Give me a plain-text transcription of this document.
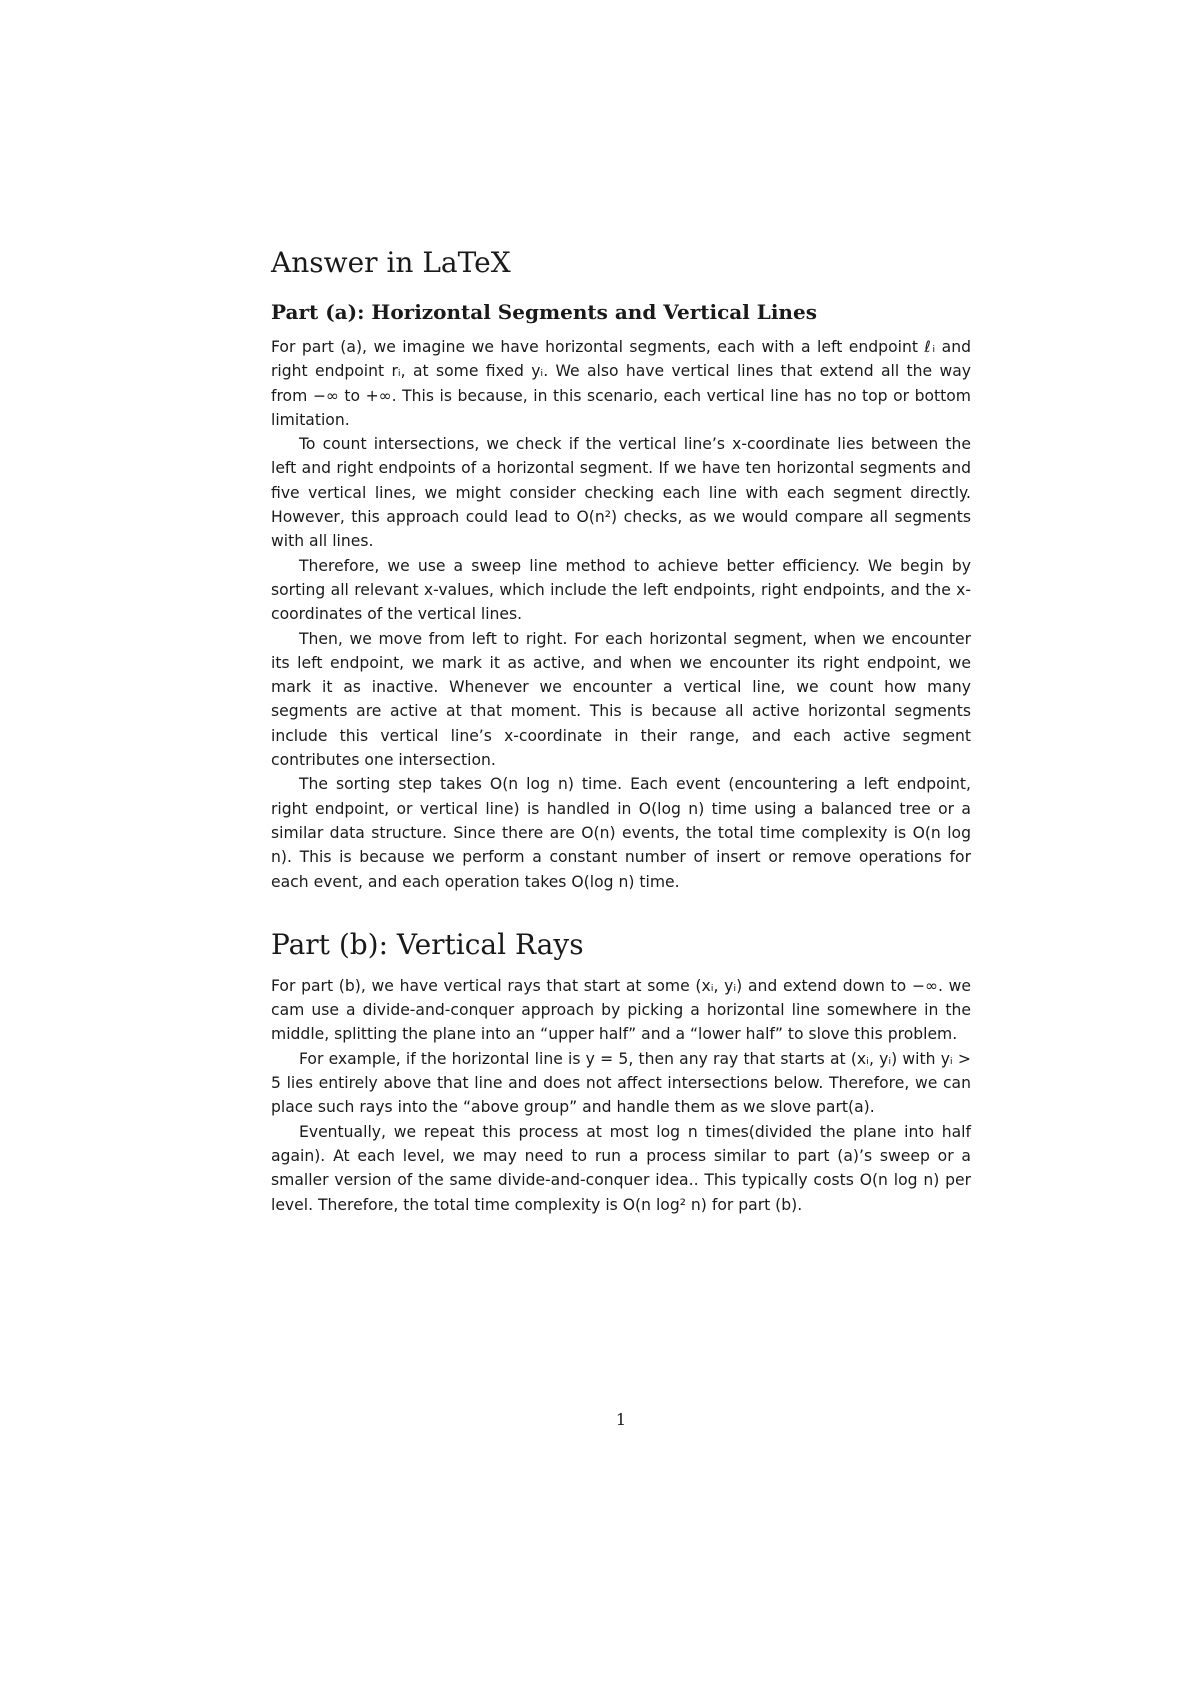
Answer in LaTeX
Part (a): Horizontal Segments and Vertical Lines

For part (a), we imagine we have horizontal segments, each with a left endpoint ℓᵢ and right endpoint rᵢ, at some fixed yᵢ. We also have vertical lines that extend all the way from −∞ to +∞. This is because, in this scenario, each vertical line has no top or bottom limitation.

To count intersections, we check if the vertical line’s x-coordinate lies between the left and right endpoints of a horizontal segment. If we have ten horizontal segments and five vertical lines, we might consider checking each line with each segment directly. However, this approach could lead to O(n²) checks, as we would compare all segments with all lines.

Therefore, we use a sweep line method to achieve better efficiency. We begin by sorting all relevant x-values, which include the left endpoints, right endpoints, and the x-coordinates of the vertical lines.

Then, we move from left to right. For each horizontal segment, when we encounter its left endpoint, we mark it as active, and when we encounter its right endpoint, we mark it as inactive. Whenever we encounter a vertical line, we count how many segments are active at that moment. This is because all active horizontal segments include this vertical line’s x-coordinate in their range, and each active segment contributes one intersection.

The sorting step takes O(n log n) time. Each event (encountering a left endpoint, right endpoint, or vertical line) is handled in O(log n) time using a balanced tree or a similar data structure. Since there are O(n) events, the total time complexity is O(n log n). This is because we perform a constant number of insert or remove operations for each event, and each operation takes O(log n) time.

Part (b): Vertical Rays

For part (b), we have vertical rays that start at some (xᵢ, yᵢ) and extend down to −∞. we cam use a divide-and-conquer approach by picking a horizontal line somewhere in the middle, splitting the plane into an “upper half” and a “lower half” to slove this problem.

For example, if the horizontal line is y = 5, then any ray that starts at (xᵢ, yᵢ) with yᵢ > 5 lies entirely above that line and does not affect intersections below. Therefore, we can place such rays into the “above group” and handle them as we slove part(a).

Eventually, we repeat this process at most log n times(divided the plane into half again). At each level, we may need to run a process similar to part (a)’s sweep or a smaller version of the same divide-and-conquer idea.. This typically costs O(n log n) per level. Therefore, the total time complexity is O(n log² n) for part (b).

1
